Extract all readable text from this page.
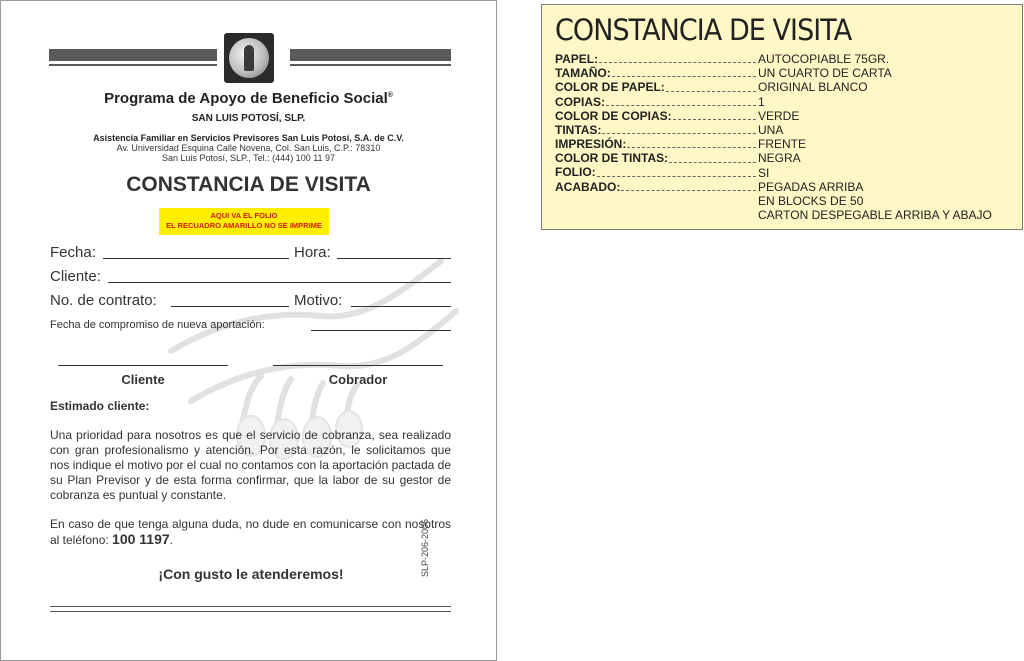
Programa de Apoyo de Beneficio Social®
SAN LUIS POTOSÍ, SLP.
Asistencia Familiar en Servicios Previsores San Luis Potosí, S.A. de C.V.
Av. Universidad Esquina Calle Novena, Col. San Luis, C.P.: 78310
San Luis Potosí, SLP., Tel.: (444) 100 11 97
CONSTANCIA DE VISITA
AQUI VA EL FOLIO
EL RECUADRO AMARILLO NO SE IMPRIME
Fecha:	Hora:
Cliente:
No. de contrato:	Motivo:
Fecha de compromiso de nueva aportación:
Cliente	Cobrador
Estimado cliente:
Una prioridad para nosotros es que el servicio de cobranza, sea realizado con gran profesionalismo y atención. Por esta razón, le solicitamos que nos indique el motivo por el cual no contamos con la aportación pactada de su Plan Previsor y de esta forma confirmar, que la labor de su gestor de cobranza es puntual y constante.
En caso de que tenga alguna duda, no dude en comunicarse con nosotros al teléfono: 100 1197.
¡Con gusto le atenderemos!	SLP-206-2005
CONSTANCIA DE VISITA
PAPEL:	AUTOCOPIABLE 75GR.
TAMAÑO:	UN CUARTO DE CARTA
COLOR DE PAPEL:	ORIGINAL BLANCO
COPIAS:	1
COLOR DE COPIAS:	VERDE
TINTAS:	UNA
IMPRESIÓN:	FRENTE
COLOR DE TINTAS:	NEGRA
FOLIO:	SI
ACABADO:	PEGADAS ARRIBA
EN BLOCKS DE 50
CARTON DESPEGABLE ARRIBA Y ABAJO
